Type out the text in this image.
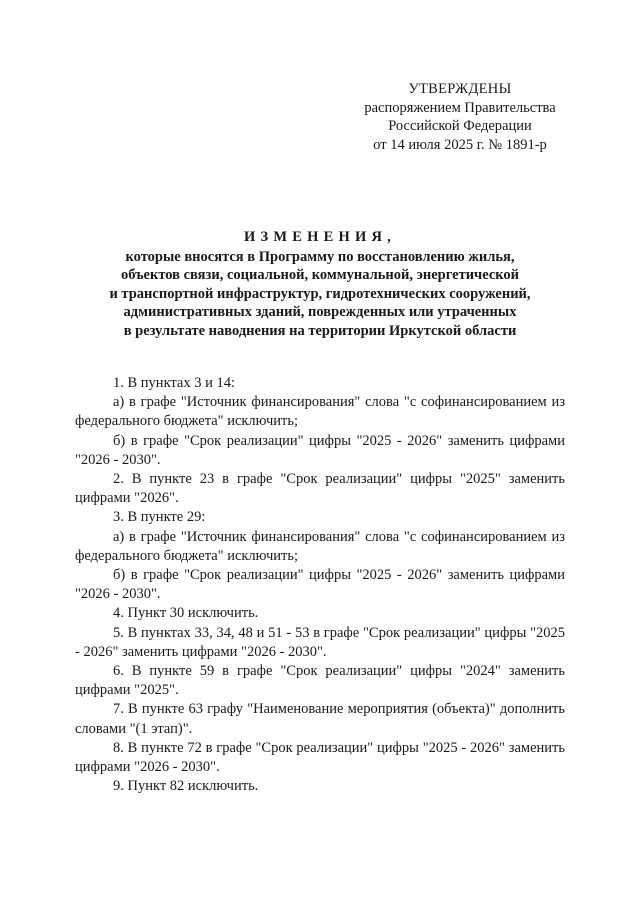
УТВЕРЖДЕНЫ
распоряжением Правительства
Российской Федерации
от 14 июля 2025 г. № 1891-р
ИЗМЕНЕНИЯ,
которые вносятся в Программу по восстановлению жилья,
объектов связи, социальной, коммунальной, энергетической
и транспортной инфраструктур, гидротехнических сооружений,
административных зданий, поврежденных или утраченных
в результате наводнения на территории Иркутской области

1. В пунктах 3 и 14:

а) в графе "Источник финансирования" слова "с софинансированием из федерального бюджета" исключить;

б) в графе "Срок реализации" цифры "2025 - 2026" заменить цифрами "2026 - 2030".

2. В пункте 23 в графе "Срок реализации" цифры "2025" заменить цифрами "2026".

3. В пункте 29:

а) в графе "Источник финансирования" слова "с софинансированием из федерального бюджета" исключить;

б) в графе "Срок реализации" цифры "2025 - 2026" заменить цифрами "2026 - 2030".

4. Пункт 30 исключить.

5. В пунктах 33, 34, 48 и 51 - 53 в графе "Срок реализации" цифры "2025 - 2026" заменить цифрами "2026 - 2030".

6. В пункте 59 в графе "Срок реализации" цифры "2024" заменить цифрами "2025".

7. В пункте 63 графу "Наименование мероприятия (объекта)" дополнить словами "(1 этап)".

8. В пункте 72 в графе "Срок реализации" цифры "2025 - 2026" заменить цифрами "2026 - 2030".

9. Пункт 82 исключить.
